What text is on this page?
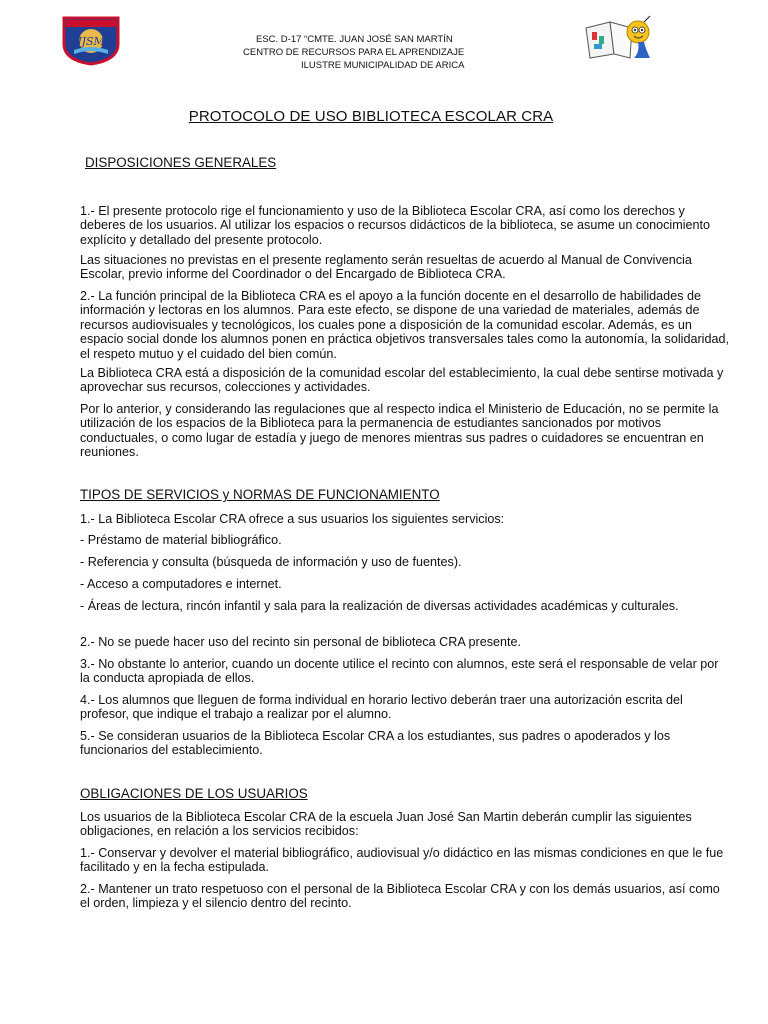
JJSM	ESC. D-17 “CMTE. JUAN JOSÉ SAN MARTÍN
CENTRO DE RECURSOS PARA EL APRENDIZAJE
ILUSTRE MUNICIPALIDAD DE ARICA
PROTOCOLO DE USO BIBLIOTECA ESCOLAR CRA
DISPOSICIONES GENERALES

1.- El presente protocolo rige el funcionamiento y uso de la Biblioteca Escolar CRA, así como los derechos y deberes de los usuarios. Al utilizar los espacios o recursos didácticos de la biblioteca, se asume un conocimiento explícito y detallado del presente protocolo.

Las situaciones no previstas en el presente reglamento serán resueltas de acuerdo al Manual de Convivencia Escolar, previo informe del Coordinador o del Encargado de Biblioteca CRA.

2.- La función principal de la Biblioteca CRA es el apoyo a la función docente en el desarrollo de habilidades de información y lectoras en los alumnos. Para este efecto, se dispone de una variedad de materiales, además de recursos audiovisuales y tecnológicos, los cuales pone a disposición de la comunidad escolar. Además, es un espacio social donde los alumnos ponen en práctica objetivos transversales tales como la autonomía, la solidaridad, el respeto mutuo y el cuidado del bien común.

La Biblioteca CRA está a disposición de la comunidad escolar del establecimiento, la cual debe sentirse motivada y aprovechar sus recursos, colecciones y actividades.

Por lo anterior, y considerando las regulaciones que al respecto indica el Ministerio de Educación, no se permite la utilización de los espacios de la Biblioteca para la permanencia de estudiantes sancionados por motivos conductuales, o como lugar de estadía y juego de menores mientras sus padres o cuidadores se encuentran en reuniones.

TIPOS DE SERVICIOS y NORMAS DE FUNCIONAMIENTO

1.- La Biblioteca Escolar CRA ofrece a sus usuarios los siguientes servicios:

- Préstamo de material bibliográfico.

- Referencia y consulta (búsqueda de información y uso de fuentes).

- Acceso a computadores e internet.

- Áreas de lectura, rincón infantil y sala para la realización de diversas actividades académicas y culturales.

2.- No se puede hacer uso del recinto sin personal de biblioteca CRA presente.

3.- No obstante lo anterior, cuando un docente utilice el recinto con alumnos, este será el responsable de velar por la conducta apropiada de ellos.

4.- Los alumnos que lleguen de forma individual en horario lectivo deberán traer una autorización escrita del profesor, que indique el trabajo a realizar por el alumno.

5.- Se consideran usuarios de la Biblioteca Escolar CRA a los estudiantes, sus padres o apoderados y los funcionarios del establecimiento.

OBLIGACIONES DE LOS USUARIOS

Los usuarios de la Biblioteca Escolar CRA de la escuela Juan José San Martin deberán cumplir las siguientes obligaciones, en relación a los servicios recibidos:

1.- Conservar y devolver el material bibliográfico, audiovisual y/o didáctico en las mismas condiciones en que le fue facilitado y en la fecha estipulada.

2.- Mantener un trato respetuoso con el personal de la Biblioteca Escolar CRA y con los demás usuarios, así como el orden, limpieza y el silencio dentro del recinto.
